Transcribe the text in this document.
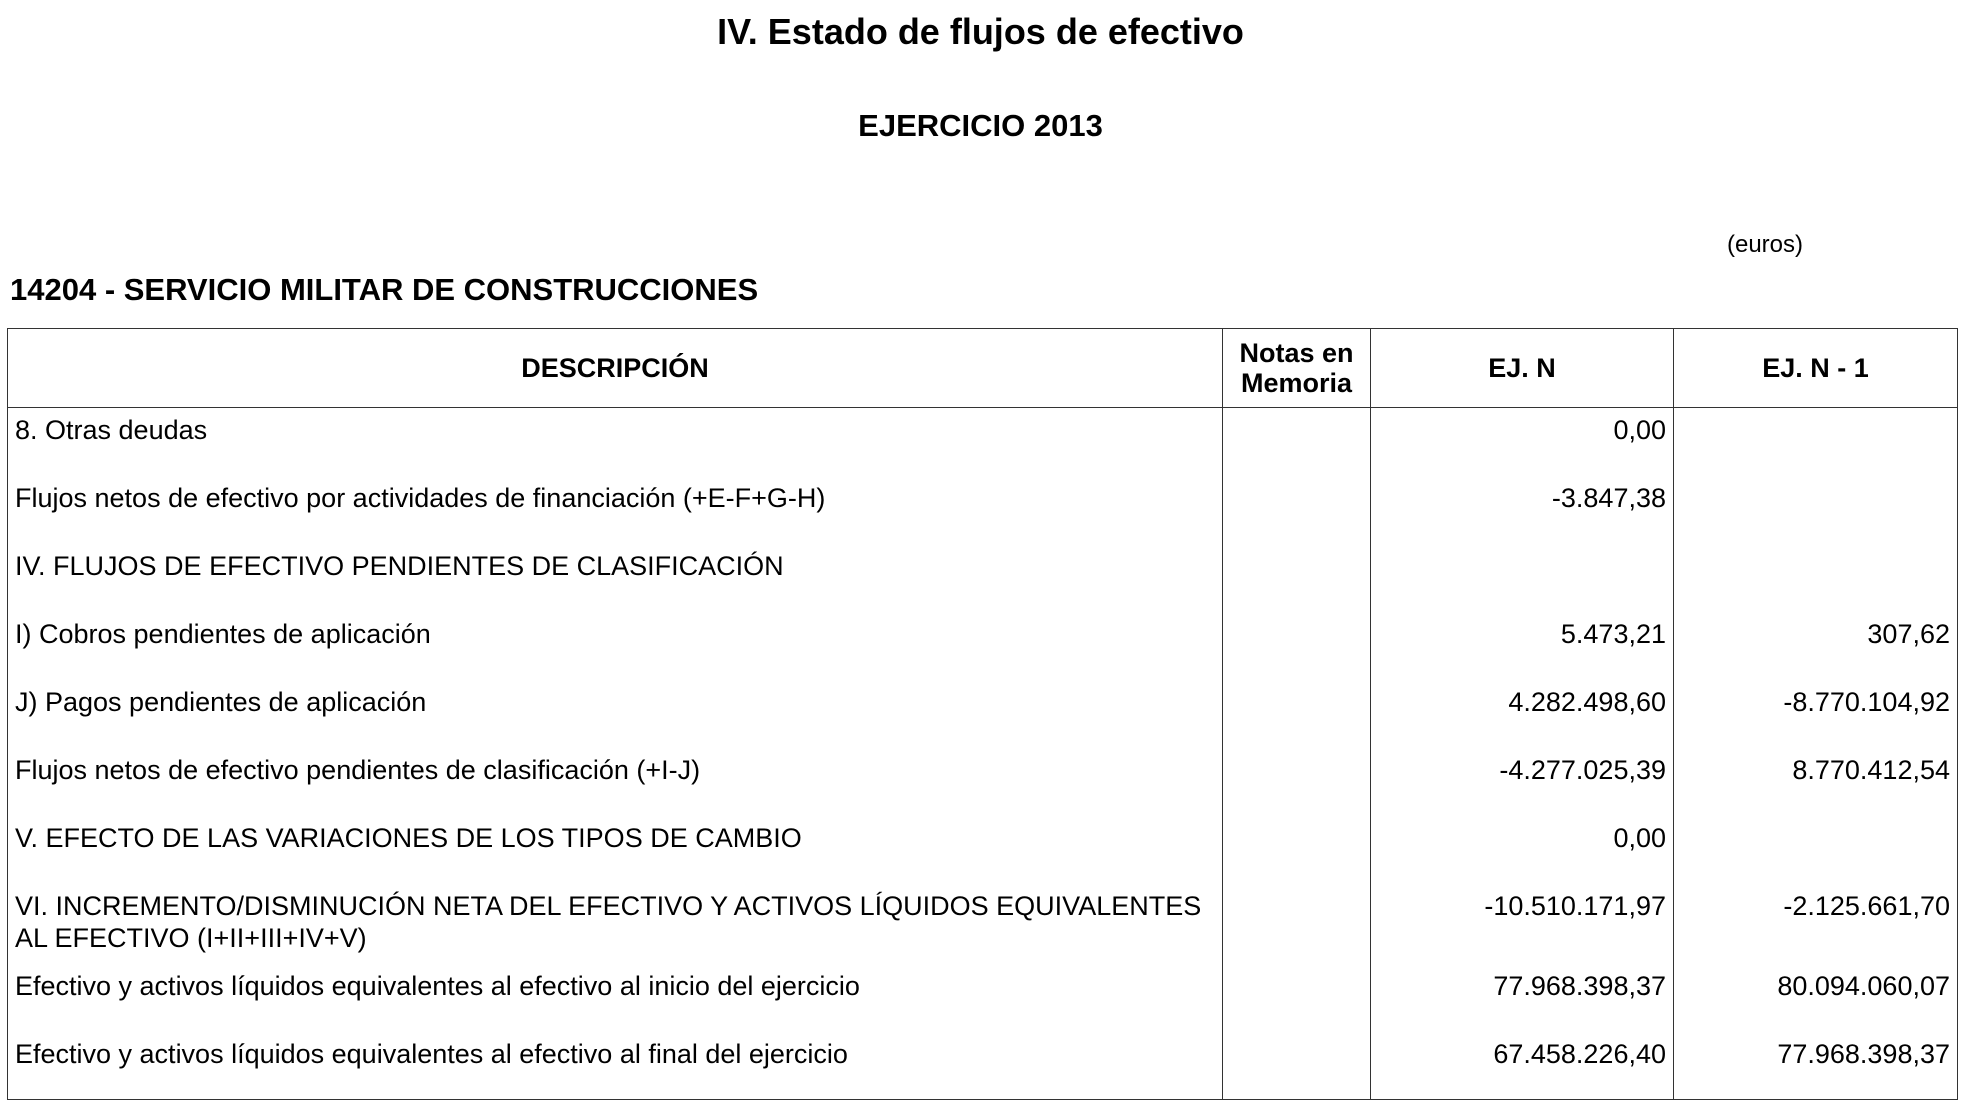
IV. Estado de flujos de efectivo
EJERCICIO 2013
(euros)
14204 - SERVICIO MILITAR DE CONSTRUCCIONES
DESCRIPCIÓN	Notas en Memoria	EJ. N	EJ. N - 1
8. Otras deudas		0,00	
Flujos netos de efectivo por actividades de financiación (+E-F+G-H)		-3.847,38	
IV. FLUJOS DE EFECTIVO PENDIENTES DE CLASIFICACIÓN			
I) Cobros pendientes de aplicación		5.473,21	307,62
J) Pagos pendientes de aplicación		4.282.498,60	-8.770.104,92
Flujos netos de efectivo pendientes de clasificación (+I-J)		-4.277.025,39	8.770.412,54
V. EFECTO DE LAS VARIACIONES DE LOS TIPOS DE CAMBIO		0,00	
VI. INCREMENTO/DISMINUCIÓN NETA DEL EFECTIVO Y ACTIVOS LÍQUIDOS EQUIVALENTES AL EFECTIVO (I+II+III+IV+V)		-10.510.171,97	-2.125.661,70
Efectivo y activos líquidos equivalentes al efectivo al inicio del ejercicio		77.968.398,37	80.094.060,07
Efectivo y activos líquidos equivalentes al efectivo al final del ejercicio		67.458.226,40	77.968.398,37
